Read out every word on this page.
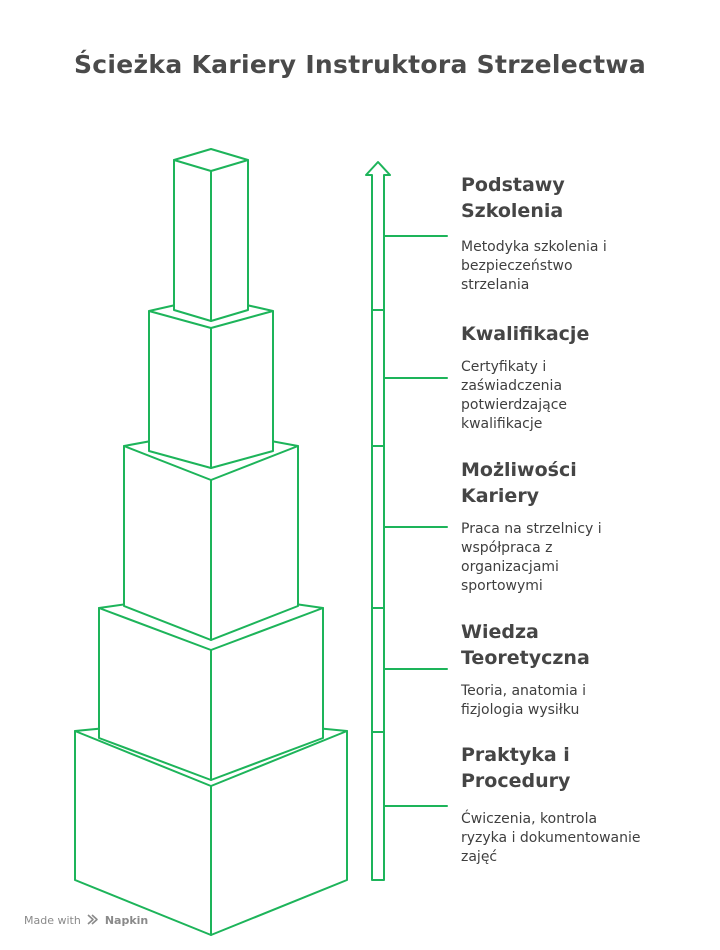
Ścieżka Kariery Instruktora Strzelectwa
Podstawy Szkolenia
Metodyka szkolenia i bezpieczeństwo strzelania
Kwalifikacje
Certyfikaty i zaświadczenia potwierdzające kwalifikacje
Możliwości Kariery
Praca na strzelnicy i współpraca z organizacjami sportowymi
Wiedza Teoretyczna
Teoria, anatomia i fizjologia wysiłku
Praktyka i Procedury
Ćwiczenia, kontrola ryzyka i dokumentowanie zajęć
Made with Napkin
